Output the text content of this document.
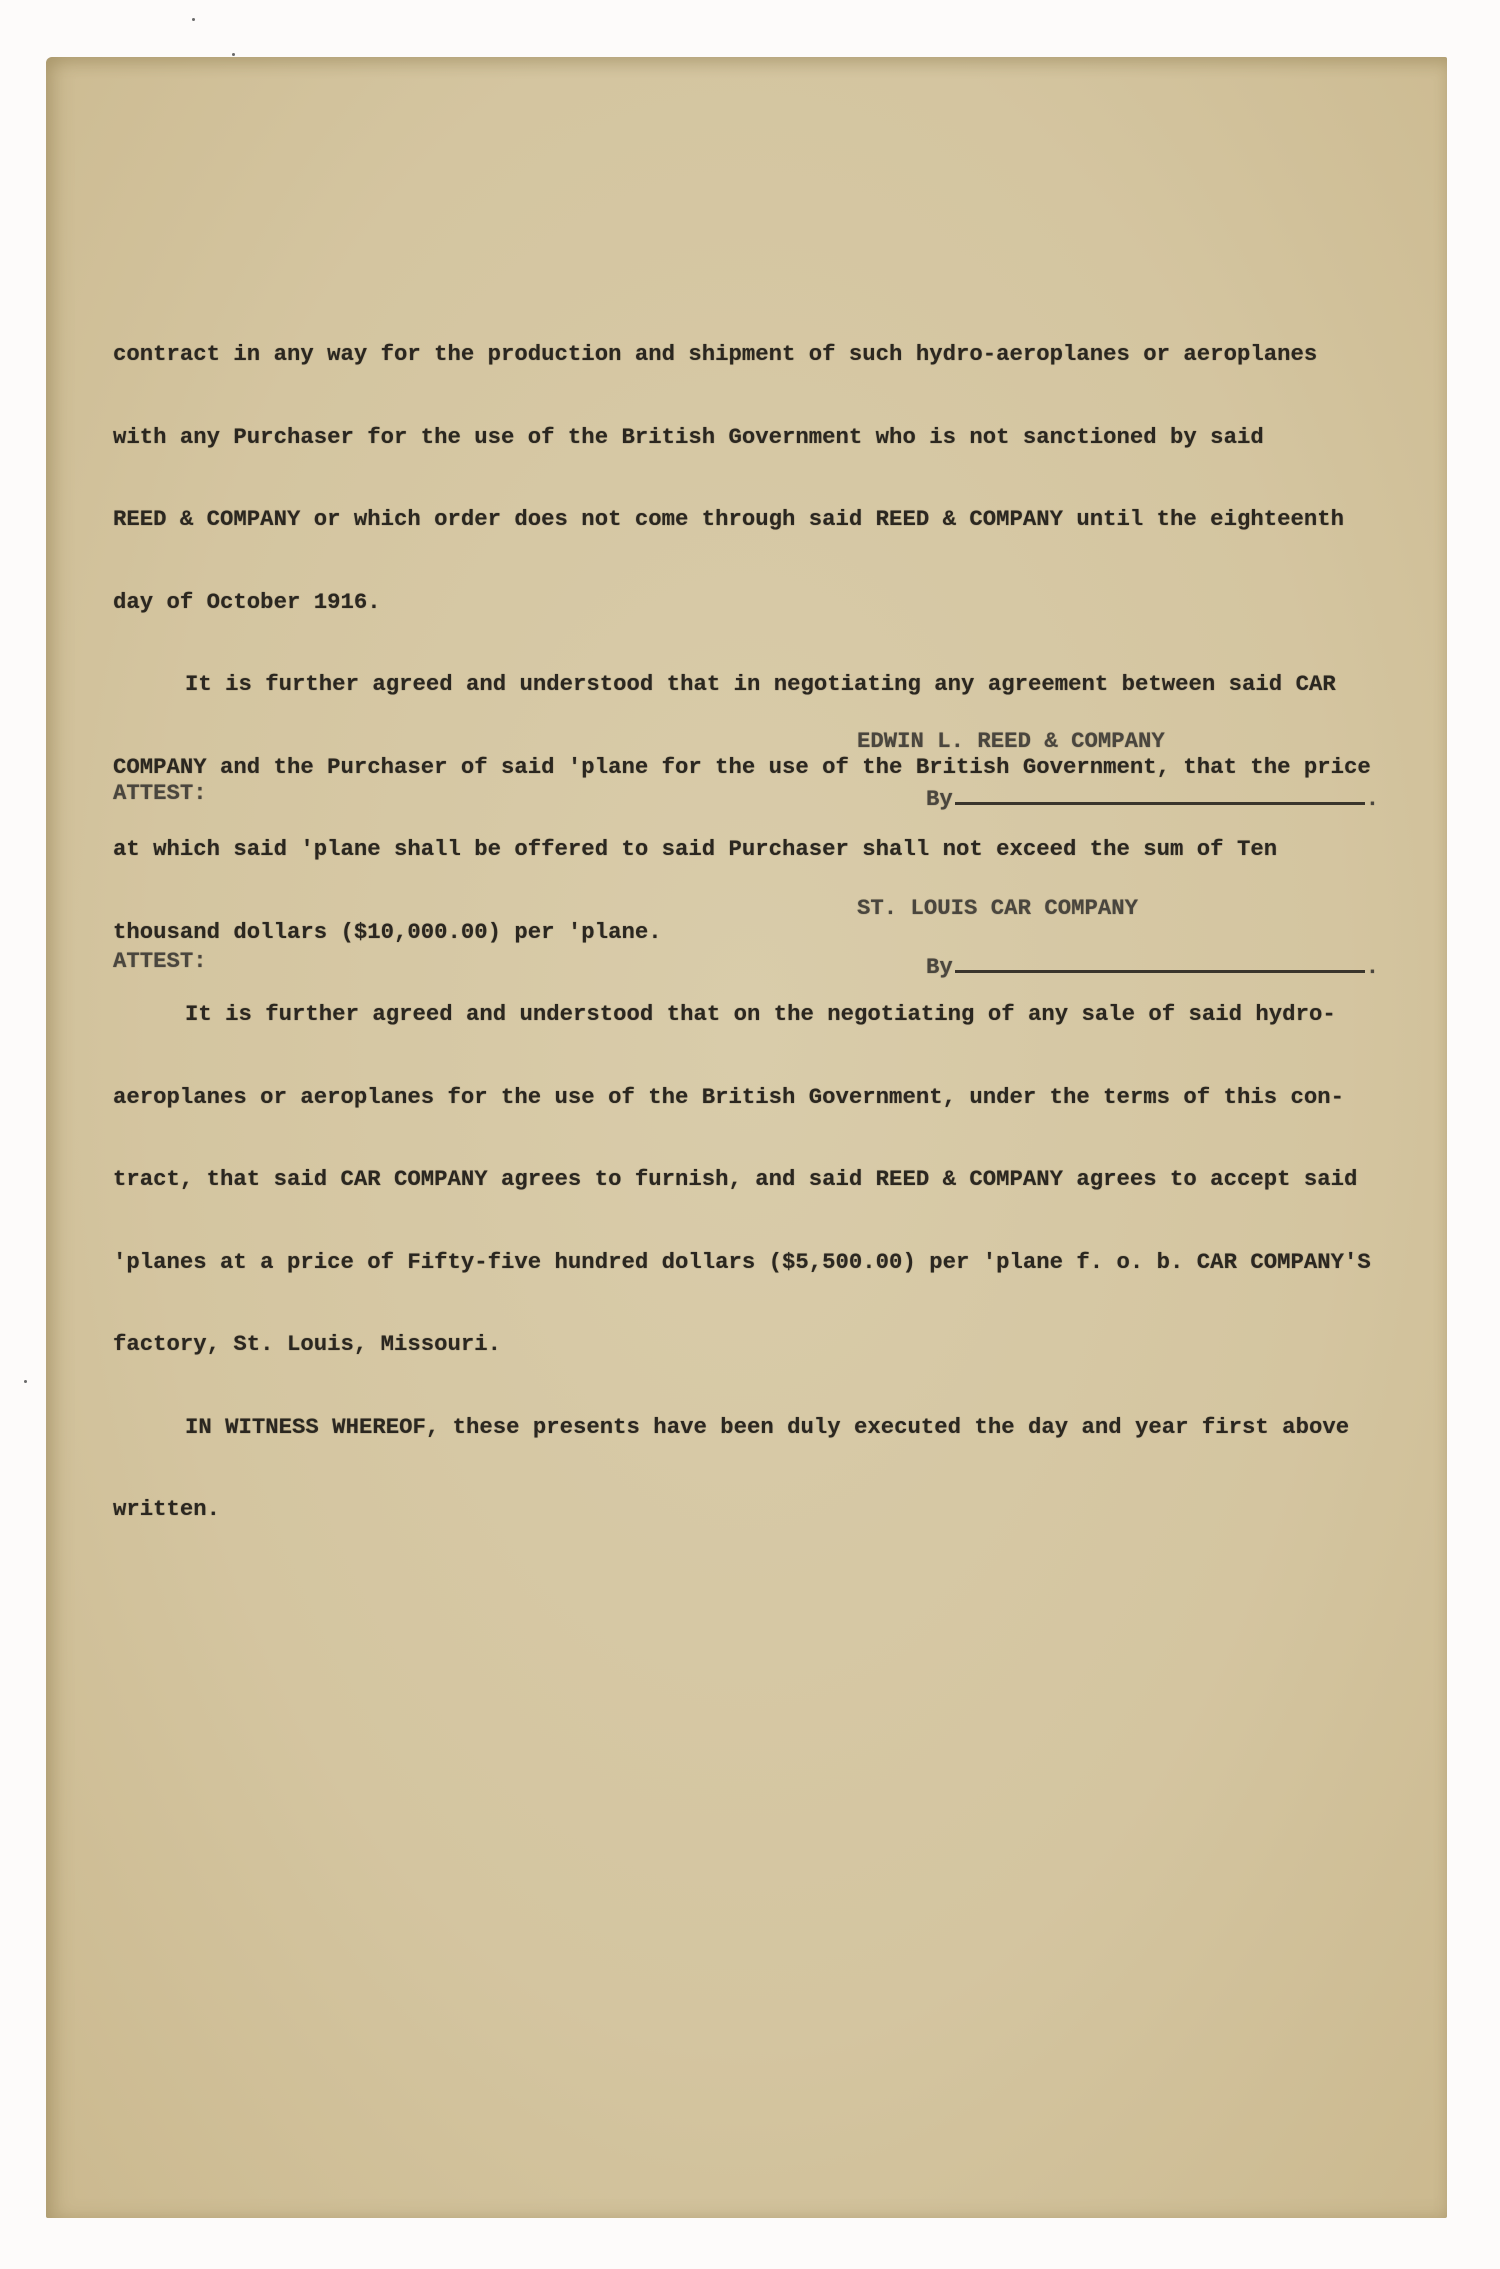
contract in any way for the production and shipment of such hydro-aeroplanes or aeroplanes

with any Purchaser for the use of the British Government who is not sanctioned by said

REED & COMPANY or which order does not come through said REED & COMPANY until the eighteenth

day of October 1916.

It is further agreed and understood that in negotiating any agreement between said CAR

COMPANY and the Purchaser of said 'plane for the use of the British Government, that the price

at which said 'plane shall be offered to said Purchaser shall not exceed the sum of Ten

thousand dollars ($10,000.00) per 'plane.

It is further agreed and understood that on the negotiating of any sale of said hydro-

aeroplanes or aeroplanes for the use of the British Government, under the terms of this con-

tract, that said CAR COMPANY agrees to furnish, and said REED & COMPANY agrees to accept said

'planes at a price of Fifty-five hundred dollars ($5,500.00) per 'plane f. o. b. CAR COMPANY'S

factory, St. Louis, Missouri.

IN WITNESS WHEREOF, these presents have been duly executed the day and year first above

written.

EDWIN L. REED & COMPANY
ATTEST:	By	.
ST. LOUIS CAR COMPANY
ATTEST:	By	.
